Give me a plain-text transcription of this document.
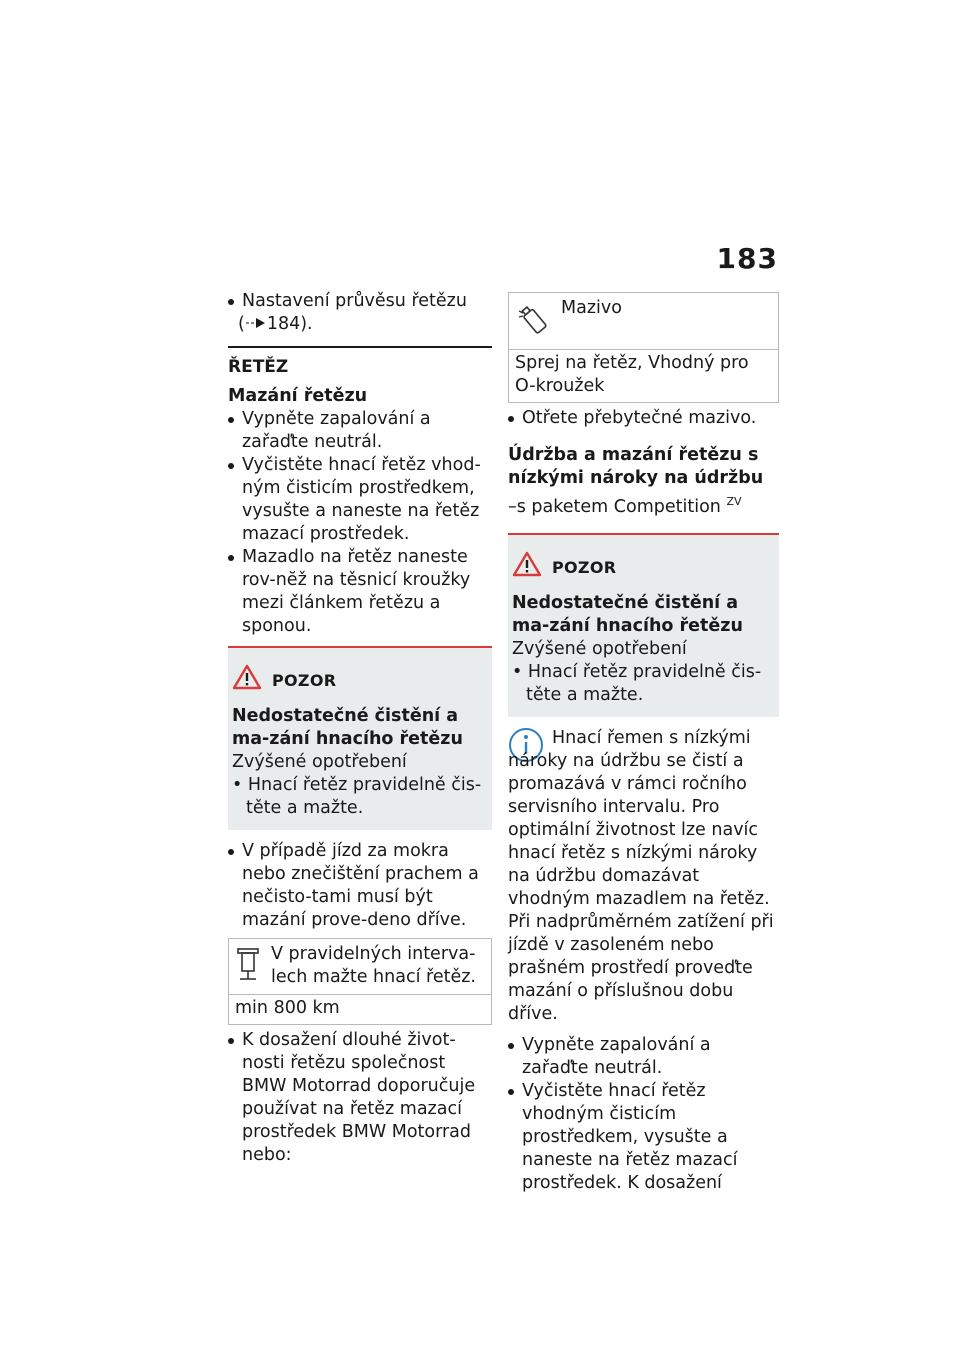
183

Nastavení průvěsu řetězu

( 184).

ŘETĚZ
Mazání řetězu

Vypněte zapalování a zařaďte neutrál.

Vyčistěte hnací řetěz vhod-ným čisticím prostředkem, vysušte a naneste na řetěz mazací prostředek.

Mazadlo na řetěz naneste rov-nĕž na těsnicí kroužky mezi článkem řetězu a sponou.

POZOR

Nedostatečné čistění a ma-zání hnacího řetězu

Zvýšené opotřebení

• Hnací řetěz pravidelně čis-těte a mažte.

V případě jízd za mokra nebo znečištění prachem a nečisto-tami musí být mazání prove-deno dříve.

V pravidelných interva-lech mažte hnací řetěz.
min 800 km

K dosažení dlouhé život-nosti řetězu společnost BMW Motorrad doporučuje používat na řetěz mazací prostředek BMW Motorrad nebo:

Mazivo
Sprej na řetěz, Vhodný pro O-kroužek

Otřete přebytečné mazivo.

Údržba a mazání řetězu s nízkými nároky na údržbu

–s paketem Competition $^{ZV}$

POZOR

Nedostatečné čistění a ma-zání hnacího řetězu

Zvýšené opotřebení

• Hnací řetěz pravidelně čis-těte a mažte.

Hnací řemen s nízkými nároky na údržbu se čistí a promazává v rámci ročního servisního intervalu. Pro optimální životnost lze navíc hnací řetěz s nízkými nároky na údržbu domazávat vhodným mazadlem na řetěz. Při nadprůměrném zatížení při jízdě v zasoleném nebo prašném prostředí proveďte mazání o příslušnou dobu dříve.

Vypněte zapalování a zařaďte neutrál.

Vyčistěte hnací řetěz vhodným čisticím prostředkem, vysušte a naneste na řetěz mazací prostředek. K dosažení
